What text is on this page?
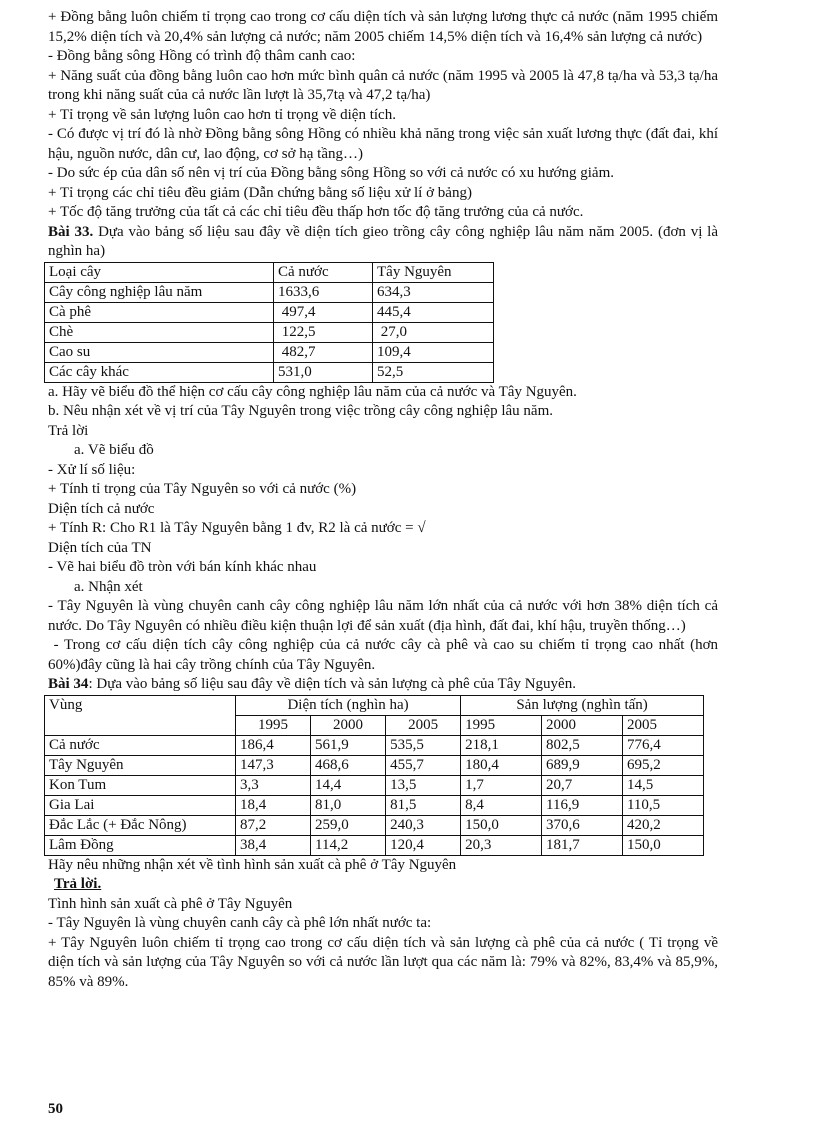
+ Đồng bằng luôn chiếm tỉ trọng cao trong cơ cấu diện tích và sản lượng lương thực cả nước (năm 1995 chiếm 15,2% diện tích và 20,4% sản lượng cả nước; năm 2005 chiếm 14,5% diện tích và 16,4% sản lượng cả nước)

- Đồng bằng sông Hồng có trình độ thâm canh cao:

+ Năng suất của đồng bằng luôn cao hơn mức bình quân cả nước (năm 1995 và 2005 là 47,8 tạ/ha và 53,3 tạ/ha trong khi năng suất của cả nước lần lượt là 35,7tạ và 47,2 tạ/ha)

+ Tỉ trọng về sản lượng luôn cao hơn tỉ trọng về diện tích.

- Có được vị trí đó là nhờ Đồng bằng sông Hồng có nhiều khả năng trong việc sản xuất lương thực (đất đai, khí hậu, nguồn nước, dân cư, lao động, cơ sở hạ tầng…)

- Do sức ép của dân số nên vị trí của Đồng bằng sông Hồng so với cả nước có xu hướng giảm.

+ Tỉ trọng các chỉ tiêu đều giảm (Dẫn chứng bằng số liệu xử lí ở bảng)

+ Tốc độ tăng trưởng của tất cả các chỉ tiêu đều thấp hơn tốc độ tăng trưởng của cả nước.

Bài 33. Dựa vào bảng số liệu sau đây về diện tích gieo trồng cây công nghiệp lâu năm năm 2005. (đơn vị là nghìn ha)

Loại cây	Cả nước	Tây Nguyên
Cây công nghiệp lâu năm	1633,6	634,3
Cà phê	497,4	445,4
Chè	122,5	27,0
Cao su	482,7	109,4
Các cây khác	531,0	52,5

a. Hãy vẽ biểu đồ thể hiện cơ cấu cây công nghiệp lâu năm của cả nước và Tây Nguyên.

b. Nêu nhận xét về vị trí của Tây Nguyên trong việc trồng cây công nghiệp lâu năm.

Trả lời

a. Vẽ biểu đồ

- Xử lí số liệu:

+ Tính tỉ trọng của Tây Nguyên so với cả nước (%)

Diện tích cả nước

+ Tính R: Cho R1 là Tây Nguyên bằng 1 đv, R2 là cả nước = √

Diện tích của TN

- Vẽ hai biểu đồ tròn với bán kính khác nhau

a. Nhận xét

- Tây Nguyên là vùng chuyên canh cây công nghiệp lâu năm lớn nhất của cả nước với hơn 38% diện tích cả nước. Do Tây Nguyên có nhiều điều kiện thuận lợi để sản xuất (địa hình, đất đai, khí hậu, truyền thống…)

- Trong cơ cấu diện tích cây công nghiệp của cả nước cây cà phê và cao su chiếm tỉ trọng cao nhất (hơn 60%)đây cũng là hai cây trồng chính của Tây Nguyên.

Bài 34: Dựa vào bảng số liệu sau đây về diện tích và sản lượng cà phê của Tây Nguyên.

Vùng	Diện tích (nghìn ha)			Sản lượng (nghìn tấn)		
	1995	2000	2005	1995	2000	2005
Cả nước	186,4	561,9	535,5	218,1	802,5	776,4
Tây Nguyên	147,3	468,6	455,7	180,4	689,9	695,2
Kon Tum	3,3	14,4	13,5	1,7	20,7	14,5
Gia Lai	18,4	81,0	81,5	8,4	116,9	110,5
Đắc Lắc (+ Đắc Nông)	87,2	259,0	240,3	150,0	370,6	420,2
Lâm Đồng	38,4	114,2	120,4	20,3	181,7	150,0

Hãy nêu những nhận xét về tình hình sản xuất cà phê ở Tây Nguyên

Trả lời.

Tình hình sản xuất cà phê ở Tây Nguyên

- Tây Nguyên là vùng chuyên canh cây cà phê lớn nhất nước ta:

+ Tây Nguyên luôn chiếm tỉ trọng cao trong cơ cấu diện tích và sản lượng cà phê của cả nước ( Tỉ trọng về diện tích và sản lượng của Tây Nguyên so với cả nước lần lượt qua các năm là: 79% và 82%, 83,4% và 85,9%, 85% và 89%.

50
